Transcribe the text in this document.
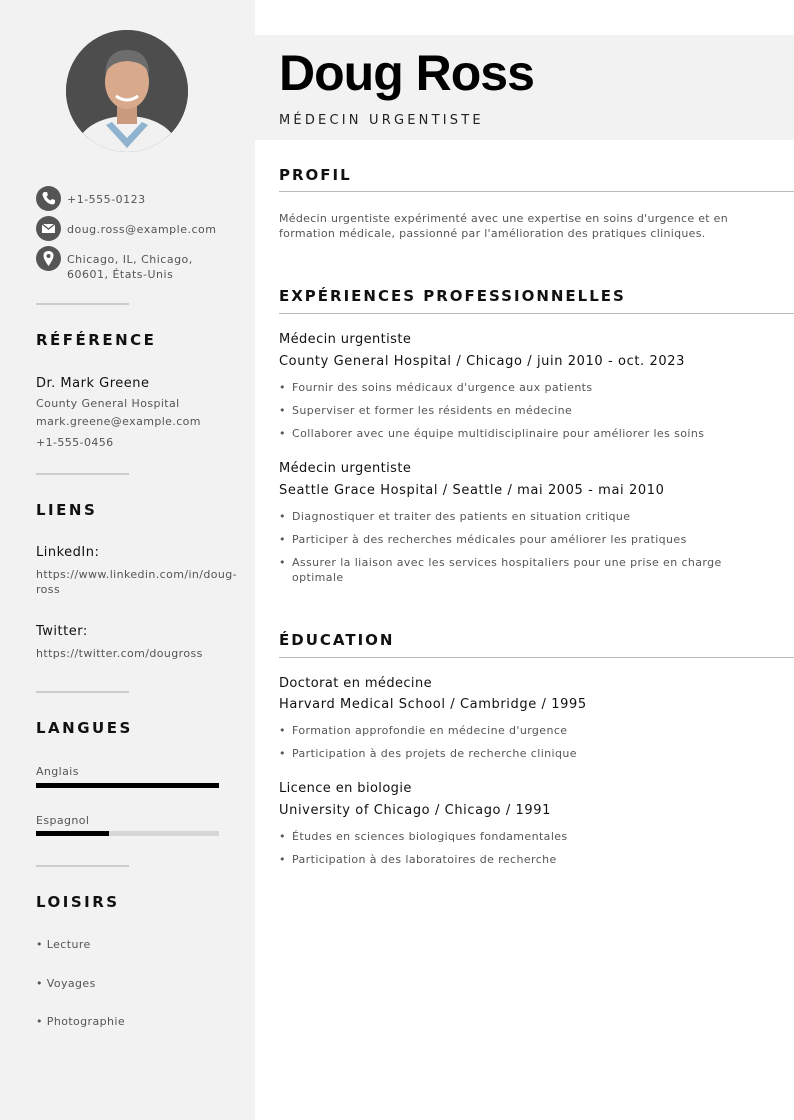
+1-555-0123
doug.ross@example.com
Chicago, IL, Chicago, 60601, États-Unis
RÉFÉRENCE
Dr. Mark Greene
County General Hospital
mark.greene@example.com
+1-555-0456
LIENS
LinkedIn:
https://www.linkedin.com/in/doug-ross
Twitter:
https://twitter.com/dougross
LANGUES
Anglais
Espagnol
LOISIRS
• Lecture
• Voyages
• Photographie
Doug Ross
MÉDECIN URGENTISTE
PROFIL
Médecin urgentiste expérimenté avec une expertise en soins d'urgence et en formation médicale, passionné par l'amélioration des pratiques cliniques.
EXPÉRIENCES PROFESSIONNELLES
Médecin urgentiste
County General Hospital / Chicago / juin 2010 - oct. 2023
• Fournir des soins médicaux d'urgence aux patients
• Superviser et former les résidents en médecine
• Collaborer avec une équipe multidisciplinaire pour améliorer les soins
Médecin urgentiste
Seattle Grace Hospital / Seattle / mai 2005 - mai 2010
• Diagnostiquer et traiter des patients en situation critique
• Participer à des recherches médicales pour améliorer les pratiques
• Assurer la liaison avec les services hospitaliers pour une prise en charge optimale
ÉDUCATION
Doctorat en médecine
Harvard Medical School / Cambridge / 1995
• Formation approfondie en médecine d'urgence
• Participation à des projets de recherche clinique
Licence en biologie
University of Chicago / Chicago / 1991
• Études en sciences biologiques fondamentales
• Participation à des laboratoires de recherche
